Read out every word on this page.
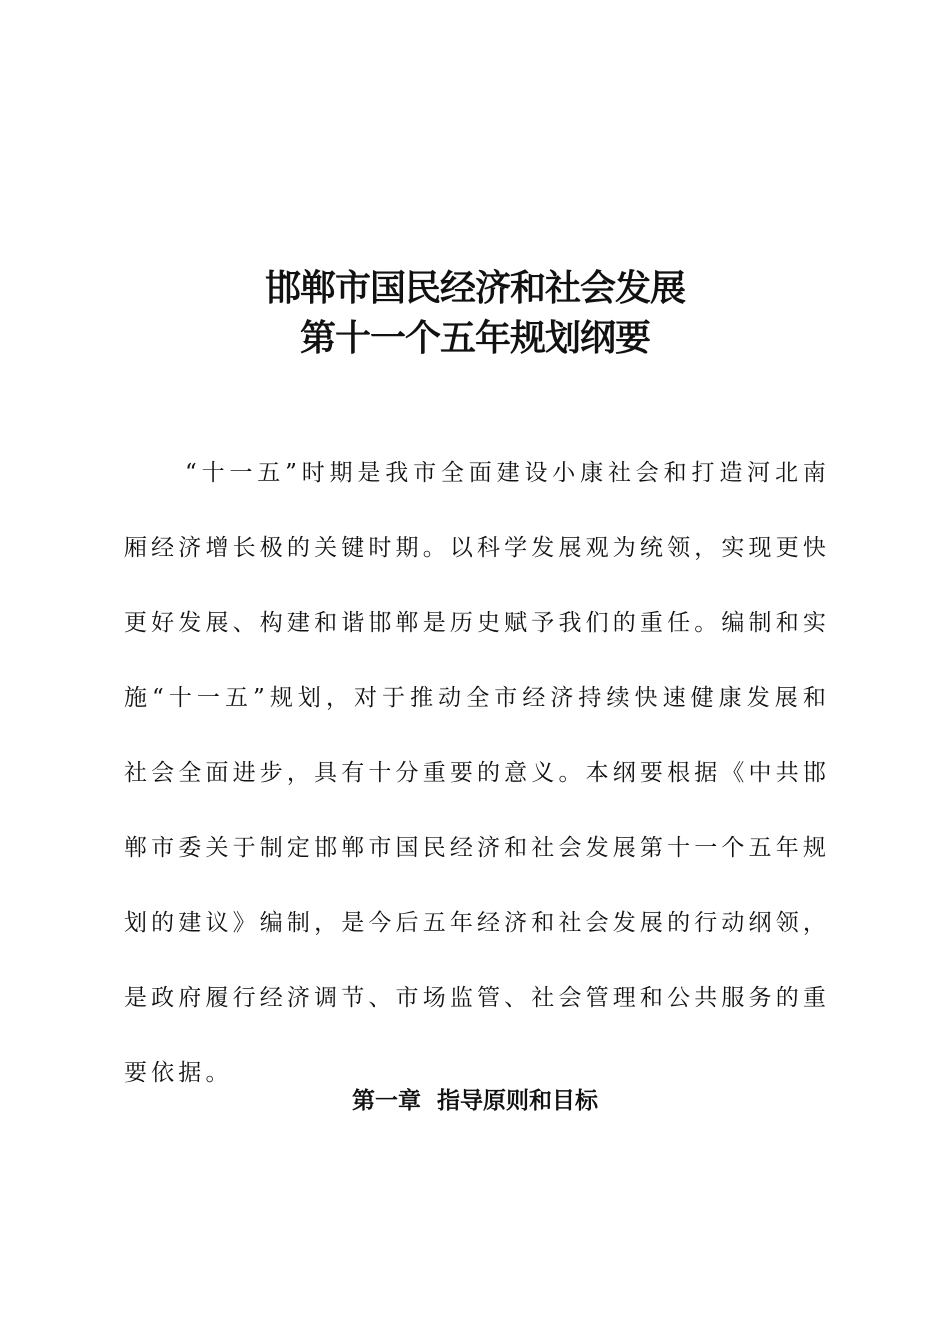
邯郸市国民经济和社会发展
第十一个五年规划纲要

“十一五”时期是我市全面建设小康社会和打造河北南厢经济增长极的关键时期。以科学发展观为统领，实现更快更好发展、构建和谐邯郸是历史赋予我们的重任。编制和实施“十一五”规划，对于推动全市经济持续快速健康发展和社会全面进步，具有十分重要的意义。本纲要根据《中共邯郸市委关于制定邯郸市国民经济和社会发展第十一个五年规划的建议》编制，是今后五年经济和社会发展的行动纲领，是政府履行经济调节、市场监管、社会管理和公共服务的重要依据。

第一章  指导原则和目标
